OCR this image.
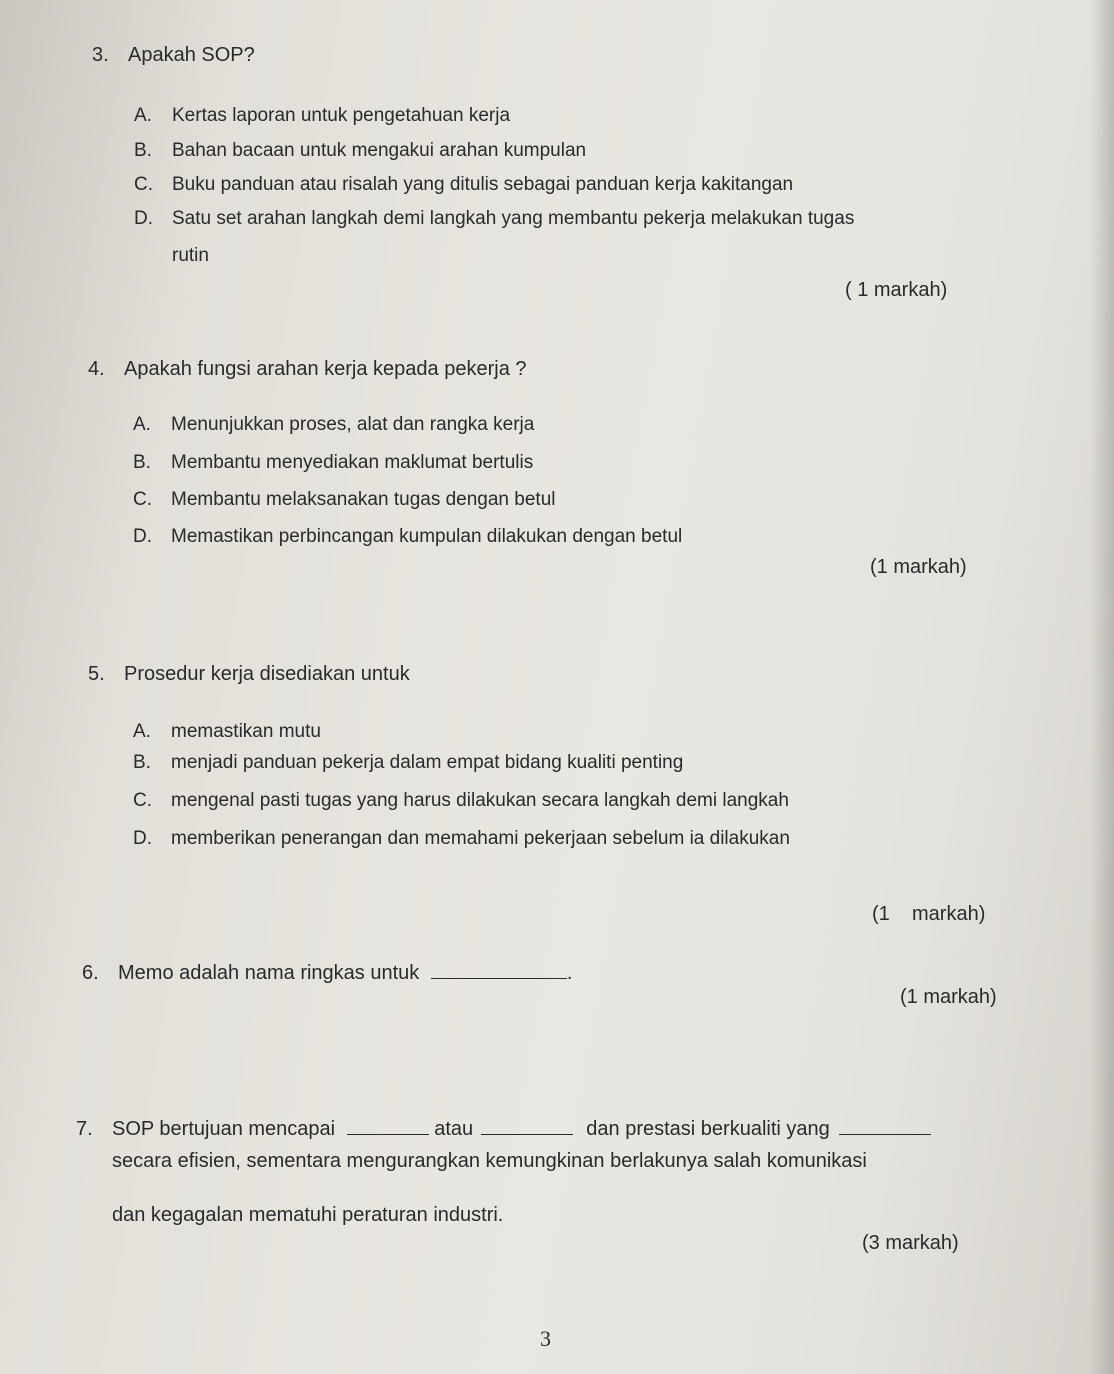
3. Apakah SOP?
A. Kertas laporan untuk pengetahuan kerja
B. Bahan bacaan untuk mengakui arahan kumpulan
C. Buku panduan atau risalah yang ditulis sebagai panduan kerja kakitangan
D. Satu set arahan langkah demi langkah yang membantu pekerja melakukan tugas
rutin
( 1 markah)
4. Apakah fungsi arahan kerja kepada pekerja ?
A. Menunjukkan proses, alat dan rangka kerja
B. Membantu menyediakan maklumat bertulis
C. Membantu melaksanakan tugas dengan betul
D. Memastikan perbincangan kumpulan dilakukan dengan betul
(1 markah)
5. Prosedur kerja disediakan untuk
A. memastikan mutu
B. menjadi panduan pekerja dalam empat bidang kualiti penting
C. mengenal pasti tugas yang harus dilakukan secara langkah demi langkah
D. memberikan penerangan dan memahami pekerjaan sebelum ia dilakukan
(1    markah)
6. Memo adalah nama ringkas untuk	.
(1 markah)
7. SOP bertujuan mencapai	atau	dan prestasi berkualiti yang
secara efisien, sementara mengurangkan kemungkinan berlakunya salah komunikasi
dan kegagalan mematuhi peraturan industri.
(3 markah)
3
